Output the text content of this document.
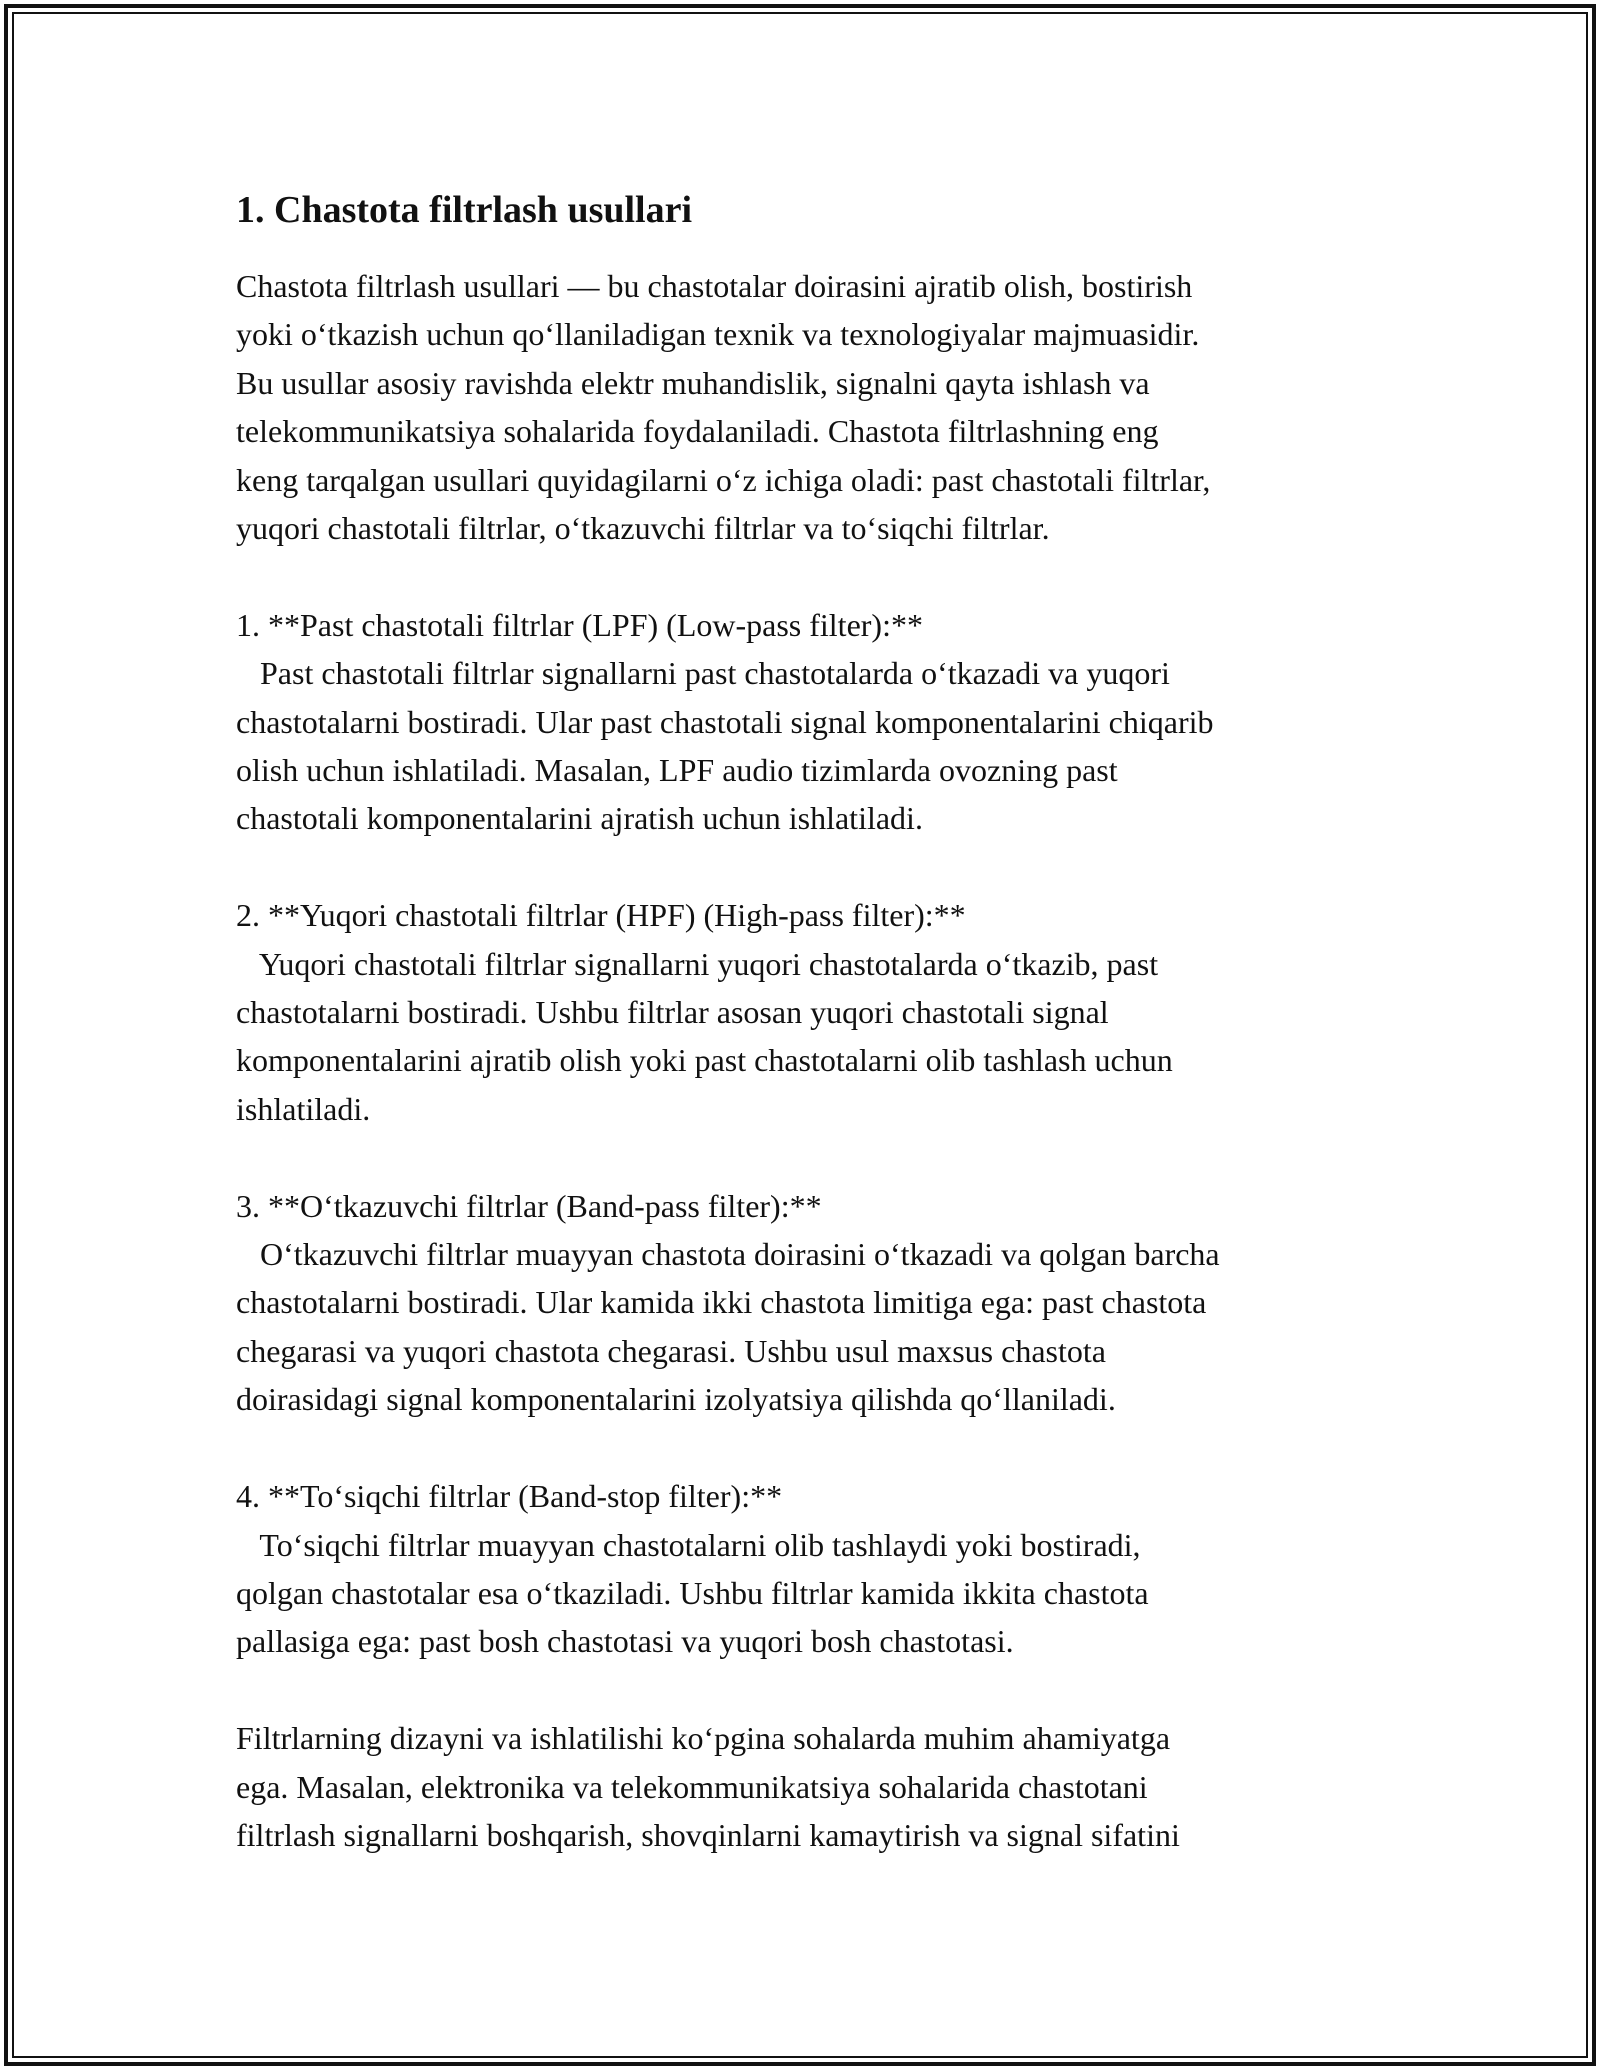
1. Chastota filtrlash usullari
Chastota filtrlash usullari — bu chastotalar doirasini ajratib olish, bostirish
yoki o‘tkazish uchun qo‘llaniladigan texnik va texnologiyalar majmuasidir.
Bu usullar asosiy ravishda elektr muhandislik, signalni qayta ishlash va
telekommunikatsiya sohalarida foydalaniladi. Chastota filtrlashning eng
keng tarqalgan usullari quyidagilarni o‘z ichiga oladi: past chastotali filtrlar,
yuqori chastotali filtrlar, o‘tkazuvchi filtrlar va to‘siqchi filtrlar.
1. **Past chastotali filtrlar (LPF) (Low-pass filter):**
Past chastotali filtrlar signallarni past chastotalarda o‘tkazadi va yuqori
chastotalarni bostiradi. Ular past chastotali signal komponentalarini chiqarib
olish uchun ishlatiladi. Masalan, LPF audio tizimlarda ovozning past
chastotali komponentalarini ajratish uchun ishlatiladi.
2. **Yuqori chastotali filtrlar (HPF) (High-pass filter):**
Yuqori chastotali filtrlar signallarni yuqori chastotalarda o‘tkazib, past
chastotalarni bostiradi. Ushbu filtrlar asosan yuqori chastotali signal
komponentalarini ajratib olish yoki past chastotalarni olib tashlash uchun
ishlatiladi.
3. **O‘tkazuvchi filtrlar (Band-pass filter):**
O‘tkazuvchi filtrlar muayyan chastota doirasini o‘tkazadi va qolgan barcha
chastotalarni bostiradi. Ular kamida ikki chastota limitiga ega: past chastota
chegarasi va yuqori chastota chegarasi. Ushbu usul maxsus chastota
doirasidagi signal komponentalarini izolyatsiya qilishda qo‘llaniladi.
4. **To‘siqchi filtrlar (Band-stop filter):**
To‘siqchi filtrlar muayyan chastotalarni olib tashlaydi yoki bostiradi,
qolgan chastotalar esa o‘tkaziladi. Ushbu filtrlar kamida ikkita chastota
pallasiga ega: past bosh chastotasi va yuqori bosh chastotasi.
Filtrlarning dizayni va ishlatilishi ko‘pgina sohalarda muhim ahamiyatga
ega. Masalan, elektronika va telekommunikatsiya sohalarida chastotani
filtrlash signallarni boshqarish, shovqinlarni kamaytirish va signal sifatini
